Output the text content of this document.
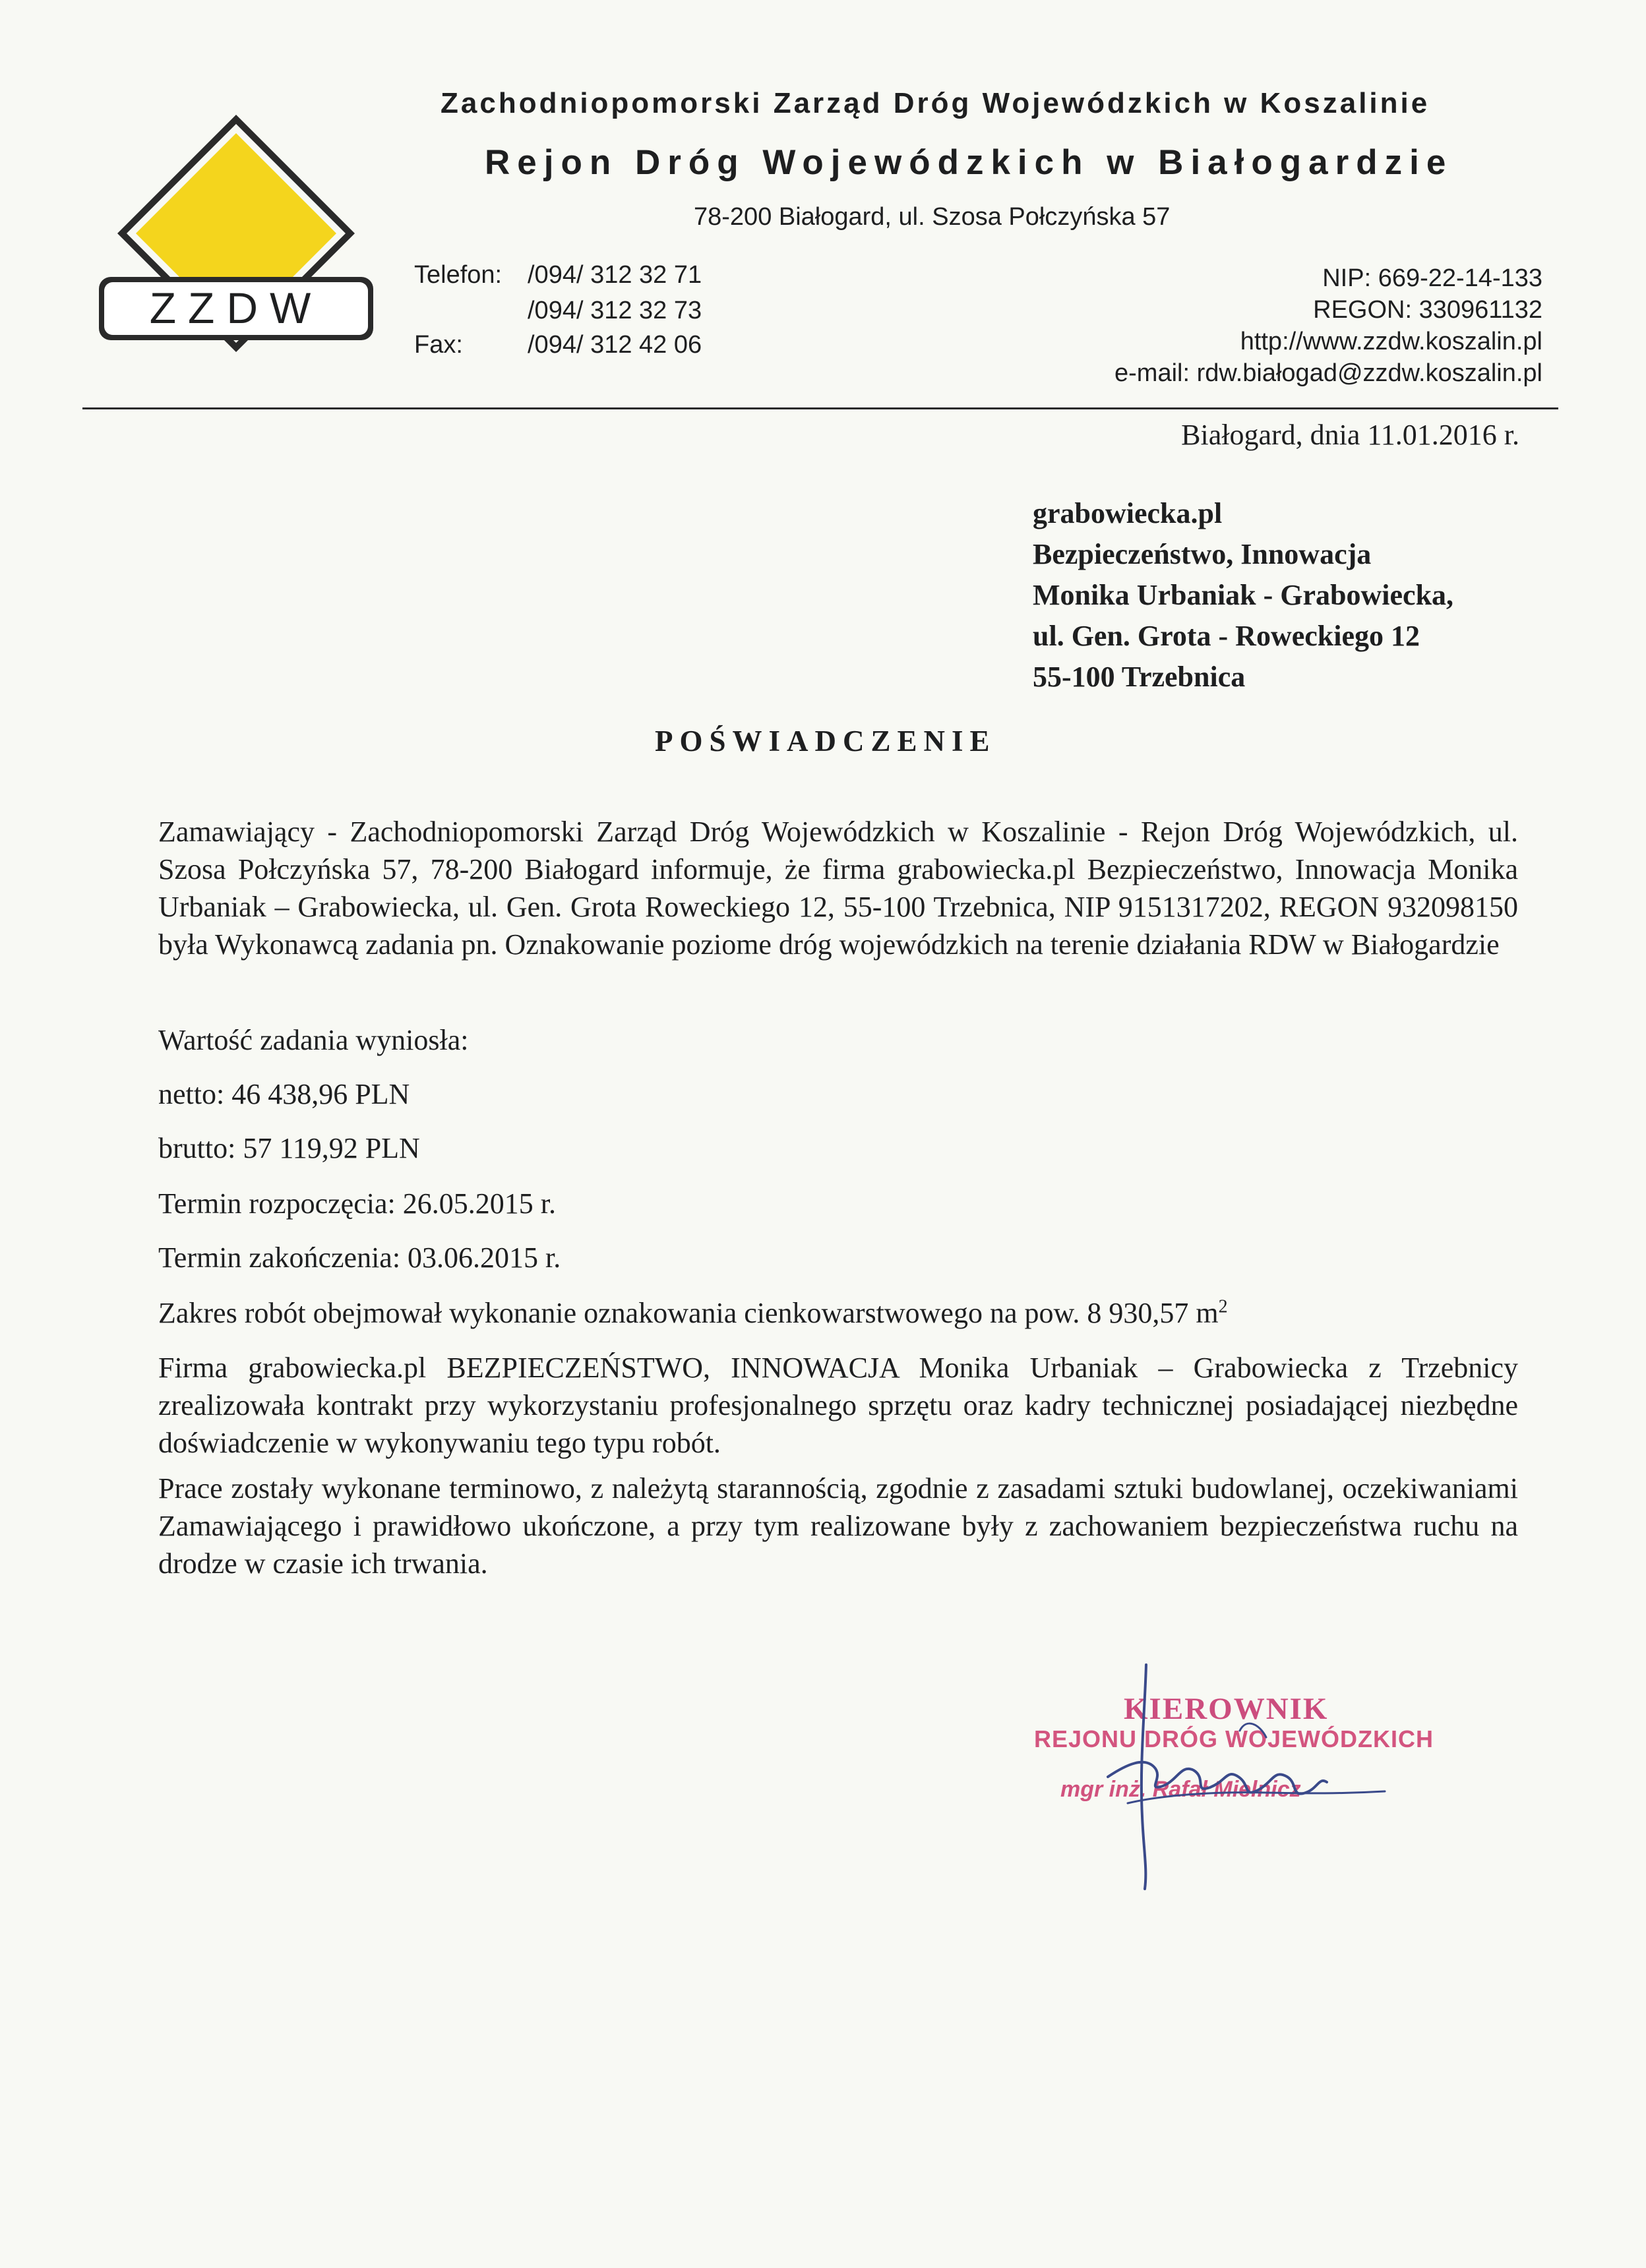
ZZDW
Zachodniopomorski Zarząd Dróg Wojewódzkich w Koszalinie
Rejon Dróg Wojewódzkich w Białogardzie
78-200 Białogard, ul. Szosa Połczyńska 57
Telefon: /094/ 312 32 71
/094/ 312 32 73
Fax:	/094/ 312 42 06
NIP: 669-22-14-133
REGON: 330961132
http://www.zzdw.koszalin.pl
e-mail: rdw.białogad@zzdw.koszalin.pl
Białogard, dnia 11.01.2016 r.
grabowiecka.pl
Bezpieczeństwo, Innowacja
Monika Urbaniak - Grabowiecka,
ul. Gen. Grota - Roweckiego 12
55-100 Trzebnica
POŚWIADCZENIE

Zamawiający - Zachodniopomorski Zarząd Dróg Wojewódzkich w Koszalinie - Rejon Dróg Wojewódzkich, ul. Szosa Połczyńska 57, 78-200 Białogard informuje, że firma grabowiecka.pl Bezpieczeństwo, Innowacja Monika Urbaniak – Grabowiecka, ul. Gen. Grota Roweckiego 12, 55-100 Trzebnica, NIP 9151317202, REGON 932098150 była Wykonawcą zadania pn. Oznakowanie poziome dróg wojewódzkich na terenie działania RDW w Białogardzie

Wartość zadania wyniosła:
netto: 46 438,96 PLN
brutto: 57 119,92 PLN
Termin rozpoczęcia: 26.05.2015 r.
Termin zakończenia: 03.06.2015 r.
Zakres robót obejmował wykonanie oznakowania cienkowarstwowego na pow. 8 930,57 $m^2$

Firma grabowiecka.pl BEZPIECZEŃSTWO, INNOWACJA Monika Urbaniak – Grabowiecka z Trzebnicy zrealizowała kontrakt przy wykorzystaniu profesjonalnego sprzętu oraz kadry technicznej posiadającej niezbędne doświadczenie w wykonywaniu tego typu robót.

Prace zostały wykonane terminowo, z należytą starannością, zgodnie z zasadami sztuki budowlanej, oczekiwaniami Zamawiającego i prawidłowo ukończone, a przy tym realizowane były z zachowaniem bezpieczeństwa ruchu na drodze w czasie ich trwania.

KIEROWNIK
REJONU DRÓG WOJEWÓDZKICH
mgr inż. Rafał Mielnicz
